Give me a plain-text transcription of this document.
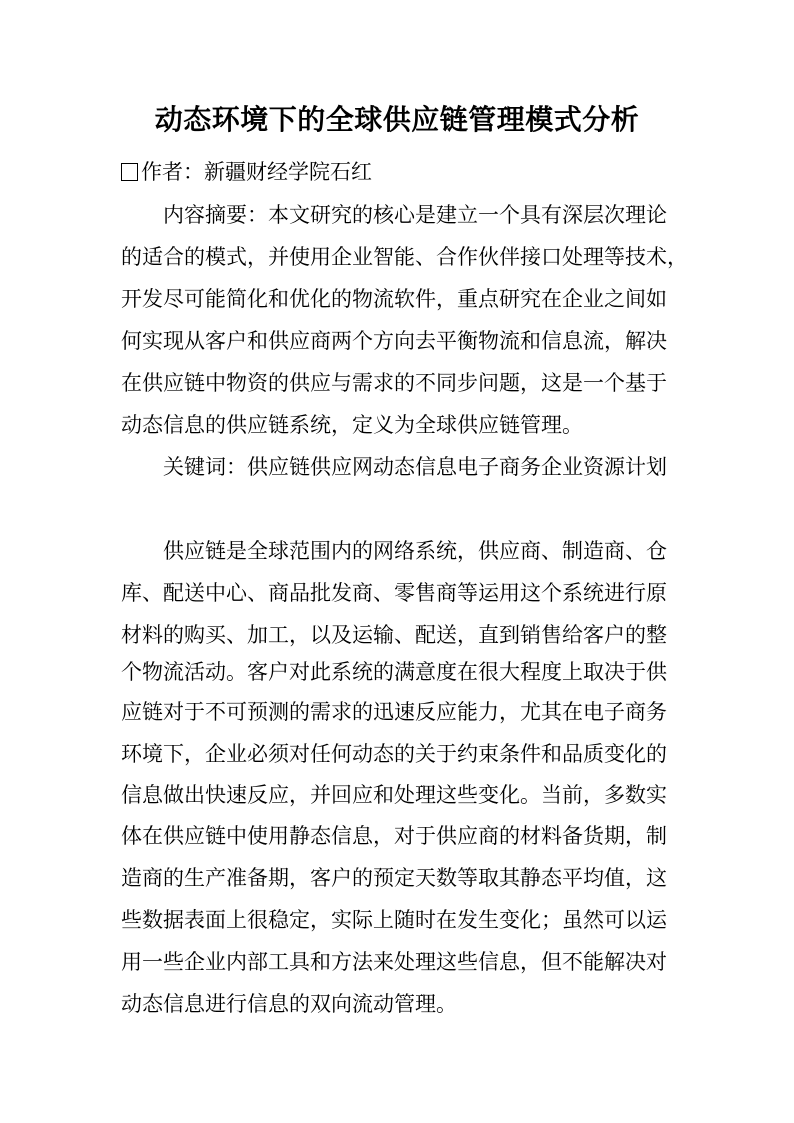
动态环境下的全球供应链管理模式分析
作者：新疆财经学院石红
内容摘要：本文研究的核心是建立一个具有深层次理论
的适合的模式，并使用企业智能、合作伙伴接口处理等技术，
开发尽可能简化和优化的物流软件，重点研究在企业之间如
何实现从客户和供应商两个方向去平衡物流和信息流，解决
在供应链中物资的供应与需求的不同步问题，这是一个基于
动态信息的供应链系统，定义为全球供应链管理。
关键词：供应链供应网动态信息电子商务企业资源计划
供应链是全球范围内的网络系统，供应商、制造商、仓
库、配送中心、商品批发商、零售商等运用这个系统进行原
材料的购买、加工，以及运输、配送，直到销售给客户的整
个物流活动。客户对此系统的满意度在很大程度上取决于供
应链对于不可预测的需求的迅速反应能力，尤其在电子商务
环境下，企业必须对任何动态的关于约束条件和品质变化的
信息做出快速反应，并回应和处理这些变化。当前，多数实
体在供应链中使用静态信息，对于供应商的材料备货期，制
造商的生产准备期，客户的预定天数等取其静态平均值，这
些数据表面上很稳定，实际上随时在发生变化；虽然可以运
用一些企业内部工具和方法来处理这些信息，但不能解决对
动态信息进行信息的双向流动管理。
